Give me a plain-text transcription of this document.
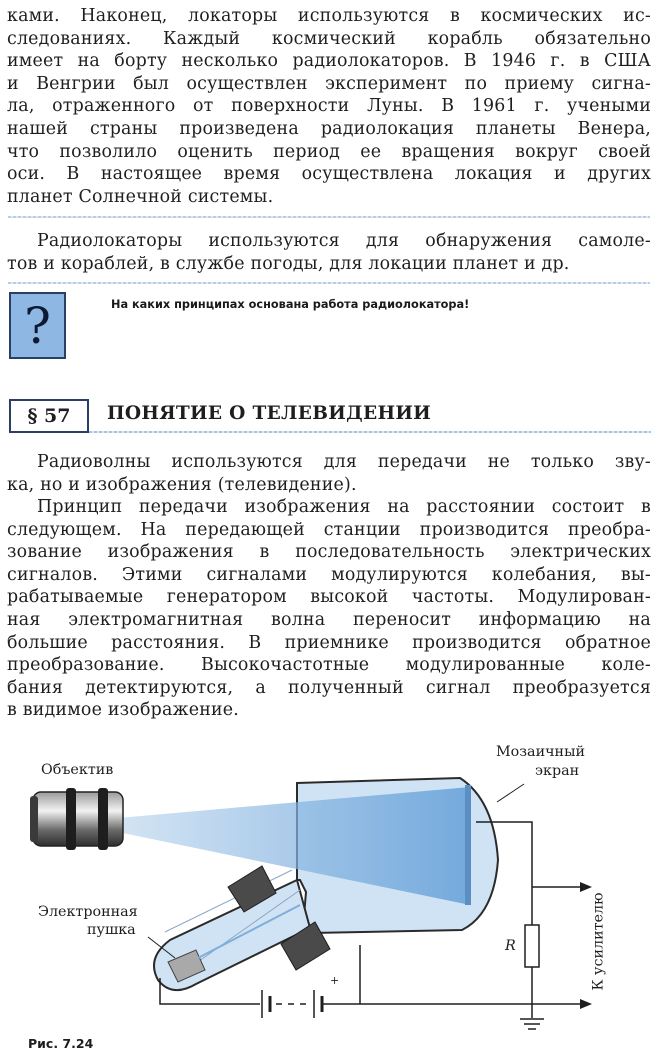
ками. Наконец, локаторы используются в космических ис-
следованиях. Каждый космический корабль обязательно
имеет на борту несколько радиолокаторов. В 1946 г. в США
и Венгрии был осуществлен эксперимент по приему сигна-
ла, отраженного от поверхности Луны. В 1961 г. учеными
нашей страны произведена радиолокация планеты Венера,
что позволило оценить период ее вращения вокруг своей
оси. В настоящее время осуществлена локация и других
планет Солнечной системы.
Радиолокаторы используются для обнаружения самоле-
тов и кораблей, в службе погоды, для локации планет и др.
?	На каких принципах основана работа радиолокатора!
§ 57	ПОНЯТИЕ О ТЕЛЕВИДЕНИИ
Радиоволны используются для передачи не только зву-
ка, но и изображения (телевидение).
Принцип передачи изображения на расстоянии состоит в
следующем. На передающей станции производится преобра-
зование изображения в последовательность электрических
сигналов. Этими сигналами модулируются колебания, вы-
рабатываемые генератором высокой частоты. Модулирован-
ная электромагнитная волна переносит информацию на
большие расстояния. В приемнике производится обратное
преобразование. Высокочастотные модулированные коле-
бания детектируются, а полученный сигнал преобразуется
в видимое изображение.
Объектив
Мозаичный
экран
Электронная
пушка
R
+	К усилителю
Рис. 7.24
